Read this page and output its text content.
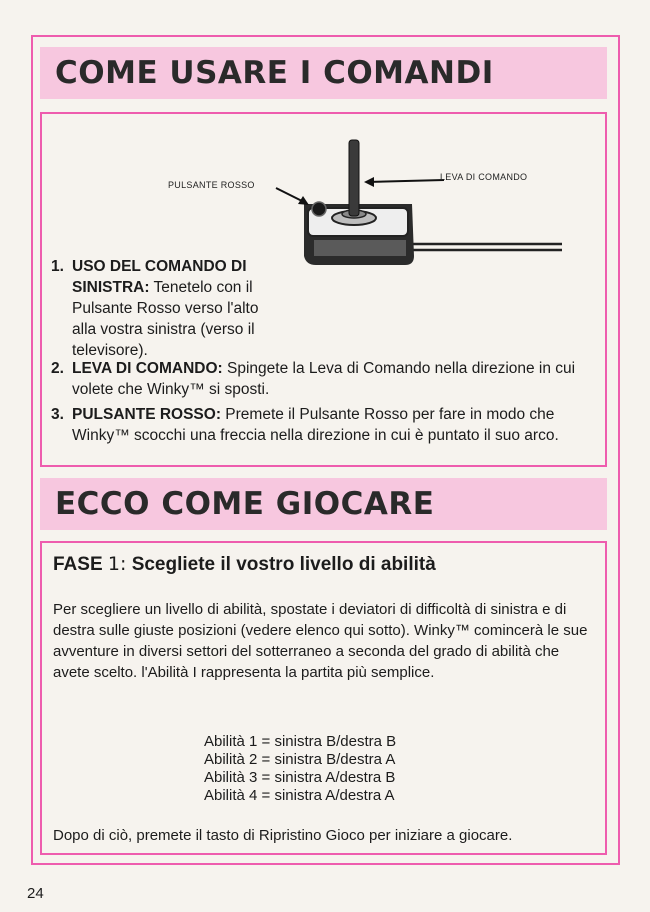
COME USARE I COMANDI
PULSANTE ROSSO
LEVA DI COMANDO
1. USO DEL COMANDO DI SINISTRA: Tenetelo con il Pulsante Rosso verso l'alto alla vostra sinistra (verso il televisore).
2. LEVA DI COMANDO: Spingete la Leva di Comando nella direzione in cui volete che Winky™ si sposti.
3. PULSANTE ROSSO: Premete il Pulsante Rosso per fare in modo che Winky™ scocchi una freccia nella direzione in cui è puntato il suo arco.
ECCO COME GIOCARE
FASE 1: Scegliete il vostro livello di abilità
Per scegliere un livello di abilità, spostate i deviatori di difficoltà di sinistra e di destra sulle giuste posizioni (vedere elenco qui sotto). Winky™ comincerà le sue avventure in diversi settori del sotterraneo a seconda del grado di abilità che avete scelto. l'Abilità I rappresenta la partita più semplice.
Abilità 1 = sinistra B/destra B
Abilità 2 = sinistra B/destra A
Abilità 3 = sinistra A/destra B
Abilità 4 = sinistra A/destra A
Dopo di ciò, premete il tasto di Ripristino Gioco per iniziare a giocare.
24
